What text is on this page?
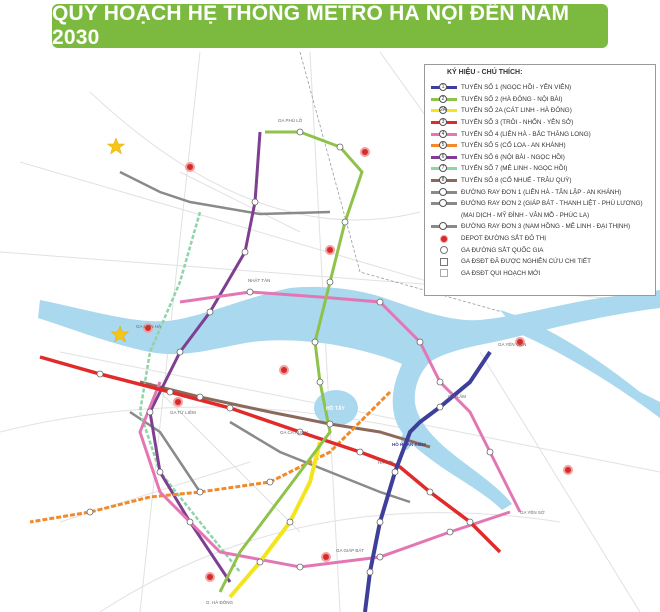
QUY HOẠCH HỆ THỐNG METRO HÀ NỘI ĐẾN NĂM 2030
HỒ TÂY
HỒ HOÀN KIẾM
G. HÀ ĐÔNG
GA PHÚ LỖ
GA YÊN VIÊN
GA LIÊN HÀ
GA YÊN SỞ
GA TỪ LIÊM
GA CÁT LINH
HÀ NỘI
GA GIÁP BÁT
NHẬT TÂN
GIA LÂM
KÝ HIỆU - CHÚ THÍCH:
1	TUYẾN SỐ 1 (NGỌC HỒI - YÊN VIÊN)
2	TUYẾN SỐ 2 (HÀ ĐÔNG - NỘI BÀI)
2A TUYẾN SỐ 2A (CÁT LINH - HÀ ĐÔNG)
3	TUYẾN SỐ 3 (TRÔI - NHỔN - YÊN SỞ)
4	TUYẾN SỐ 4 (LIÊN HÀ - BẮC THĂNG LONG)
5	TUYẾN SỐ 5 (CỔ LOA - AN KHÁNH)
6	TUYẾN SỐ 6 (NỘI BÀI - NGỌC HỒI)
7	TUYẾN SỐ 7 (MÊ LINH - NGỌC HỒI)
8	TUYẾN SỐ 8 (CỔ NHUẾ - TRÂU QUỲ)
ĐƯỜNG RAY ĐƠN 1 (LIÊN HÀ - TÂN LẬP - AN KHÁNH)
ĐƯỜNG RAY ĐƠN 2 (GIÁP BÁT - THANH LIỆT - PHÚ LƯƠNG)
(MAI DỊCH - MỸ ĐÌNH - VÂN MỖ - PHÚC LA)
ĐƯỜNG RAY ĐƠN 3 (NAM HỒNG - MÊ LINH - ĐẠI THỊNH)
DEPOT ĐƯỜNG SẮT ĐÔ THỊ
GA ĐƯỜNG SẮT QUỐC GIA
GA ĐSĐT ĐÃ ĐƯỢC NGHIÊN CỨU CHI TIẾT
GA ĐSĐT QUI HOẠCH MỚI
